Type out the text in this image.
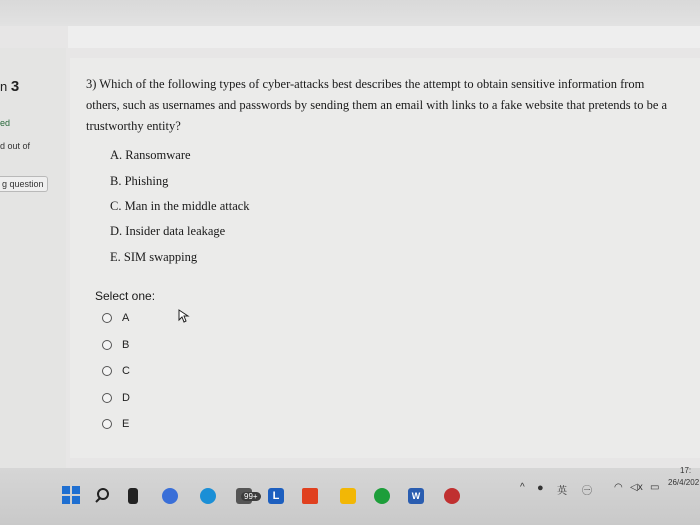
n 3
ed
d out of
g question
3) Which of the following types of cyber-attacks best describes the attempt to obtain sensitive information from others, such as usernames and passwords by sending them an email with links to a fake website that pretends to be a trustworthy entity?
A. Ransomware
B. Phishing
C. Man in the middle attack
D. Insider data leakage
E. SIM swapping
Select one:
A
B
C
D
E
99+	L	W
^ ● 英 ㊀ ◠ ◁x ▭
17:
26/4/202
